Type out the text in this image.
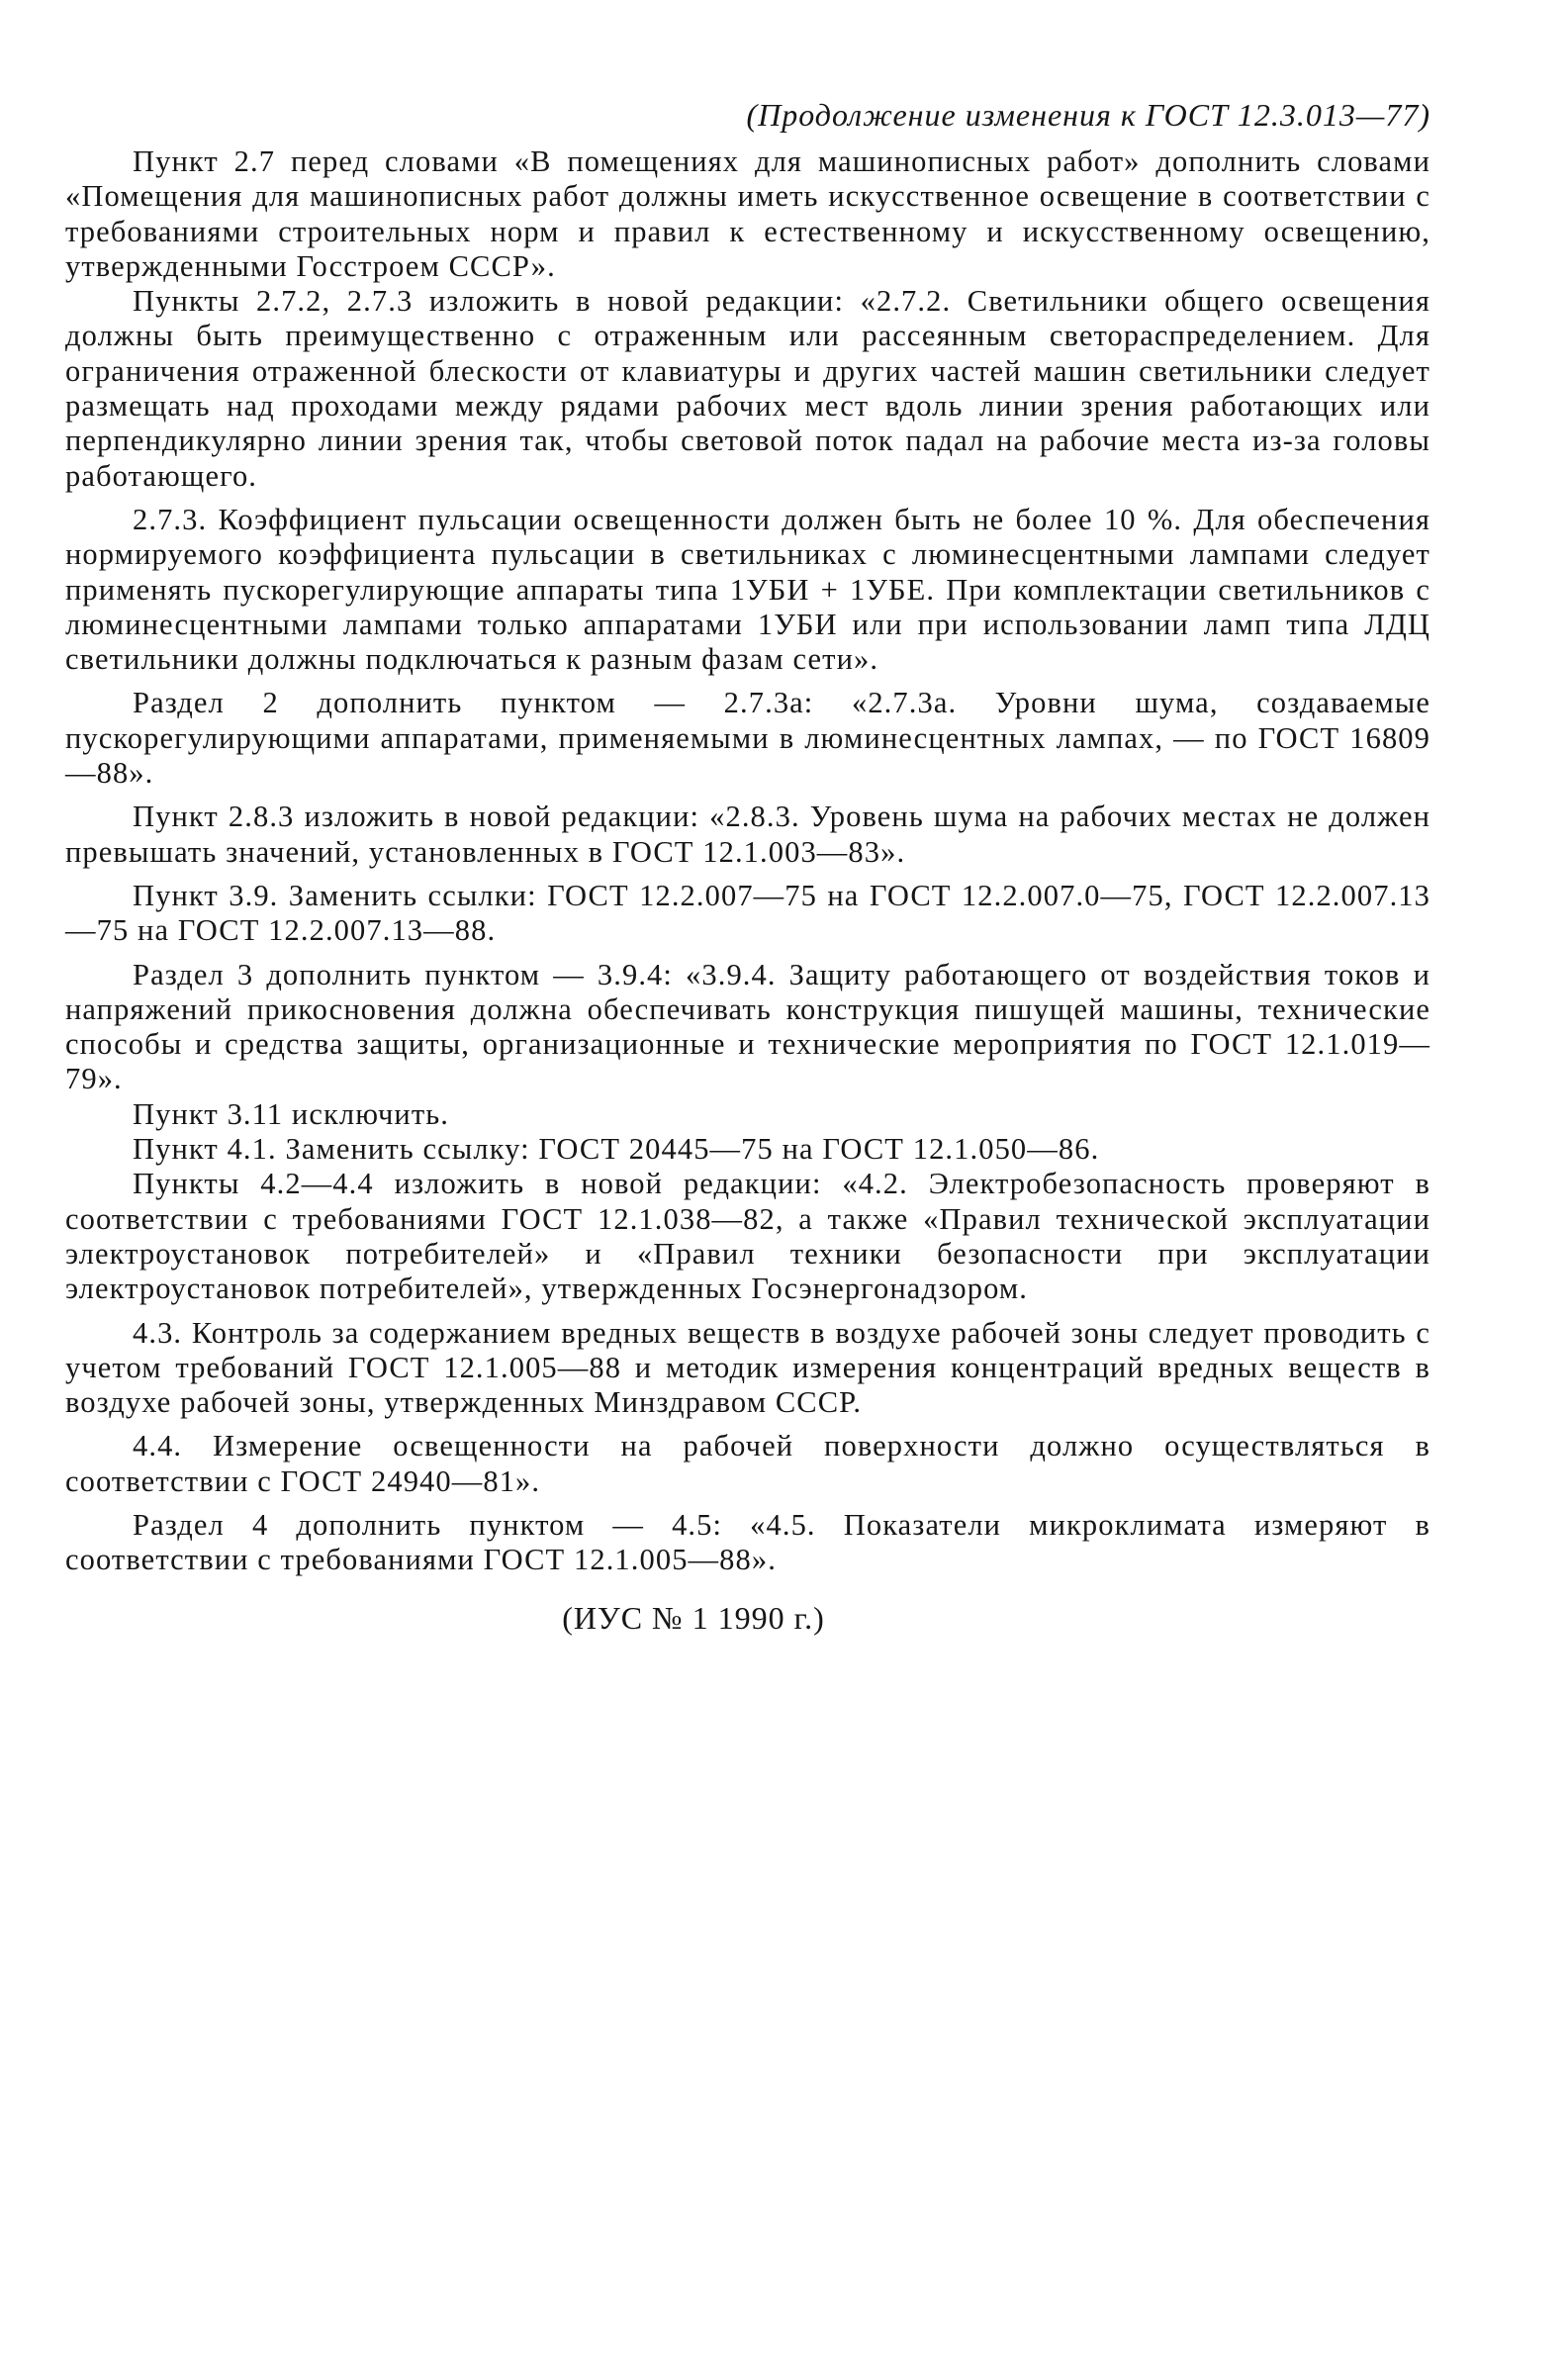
(Продолжение изменения к ГОСТ 12.3.013—77)

Пункт 2.7 перед словами «В помещениях для машинописных работ» дополнить словами «Помещения для машинописных работ должны иметь искусственное освещение в соответствии с требованиями строительных норм и правил к естественному и искусственному освещению, утвержденными Госстроем СССР».

Пункты 2.7.2, 2.7.3 изложить в новой редакции: «2.7.2. Светильники общего освещения должны быть преимущественно с отраженным или рассеянным светораспределением. Для ограничения отраженной блескости от клавиатуры и других частей машин светильники следует размещать над проходами между рядами рабочих мест вдоль линии зрения работающих или перпендикулярно линии зрения так, чтобы световой поток падал на рабочие места из-за головы работающего.

2.7.3. Коэффициент пульсации освещенности должен быть не более 10 %. Для обеспечения нормируемого коэффициента пульсации в светильниках с люминесцентными лампами следует применять пускорегулирующие аппараты типа 1УБИ + 1УБЕ. При комплектации светильников с люминесцентными лампами только аппаратами 1УБИ или при использовании ламп типа ЛДЦ светильники должны подключаться к разным фазам сети».

Раздел 2 дополнить пунктом — 2.7.3а: «2.7.3а. Уровни шума, создаваемые пускорегулирующими аппаратами, применяемыми в люминесцентных лампах, — по ГОСТ 16809—88».

Пункт 2.8.3 изложить в новой редакции: «2.8.3. Уровень шума на рабочих местах не должен превышать значений, установленных в ГОСТ 12.1.003—83».

Пункт 3.9. Заменить ссылки: ГОСТ 12.2.007—75 на ГОСТ 12.2.007.0—75, ГОСТ 12.2.007.13—75 на ГОСТ 12.2.007.13—88.

Раздел 3 дополнить пунктом — 3.9.4: «3.9.4. Защиту работающего от воздействия токов и напряжений прикосновения должна обеспечивать конструкция пишущей машины, технические способы и средства защиты, организационные и технические мероприятия по ГОСТ 12.1.019—79».

Пункт 3.11 исключить.

Пункт 4.1. Заменить ссылку: ГОСТ 20445—75 на ГОСТ 12.1.050—86.

Пункты 4.2—4.4 изложить в новой редакции: «4.2. Электробезопасность проверяют в соответствии с требованиями ГОСТ 12.1.038—82, а также «Правил технической эксплуатации электроустановок потребителей» и «Правил техники безопасности при эксплуатации электроустановок потребителей», утвержденных Госэнергонадзором.

4.3. Контроль за содержанием вредных веществ в воздухе рабочей зоны следует проводить с учетом требований ГОСТ 12.1.005—88 и методик измерения концентраций вредных веществ в воздухе рабочей зоны, утвержденных Минздравом СССР.

4.4. Измерение освещенности на рабочей поверхности должно осуществляться в соответствии с ГОСТ 24940—81».

Раздел 4 дополнить пунктом — 4.5: «4.5. Показатели микроклимата измеряют в соответствии с требованиями ГОСТ 12.1.005—88».

(ИУС № 1 1990 г.)
